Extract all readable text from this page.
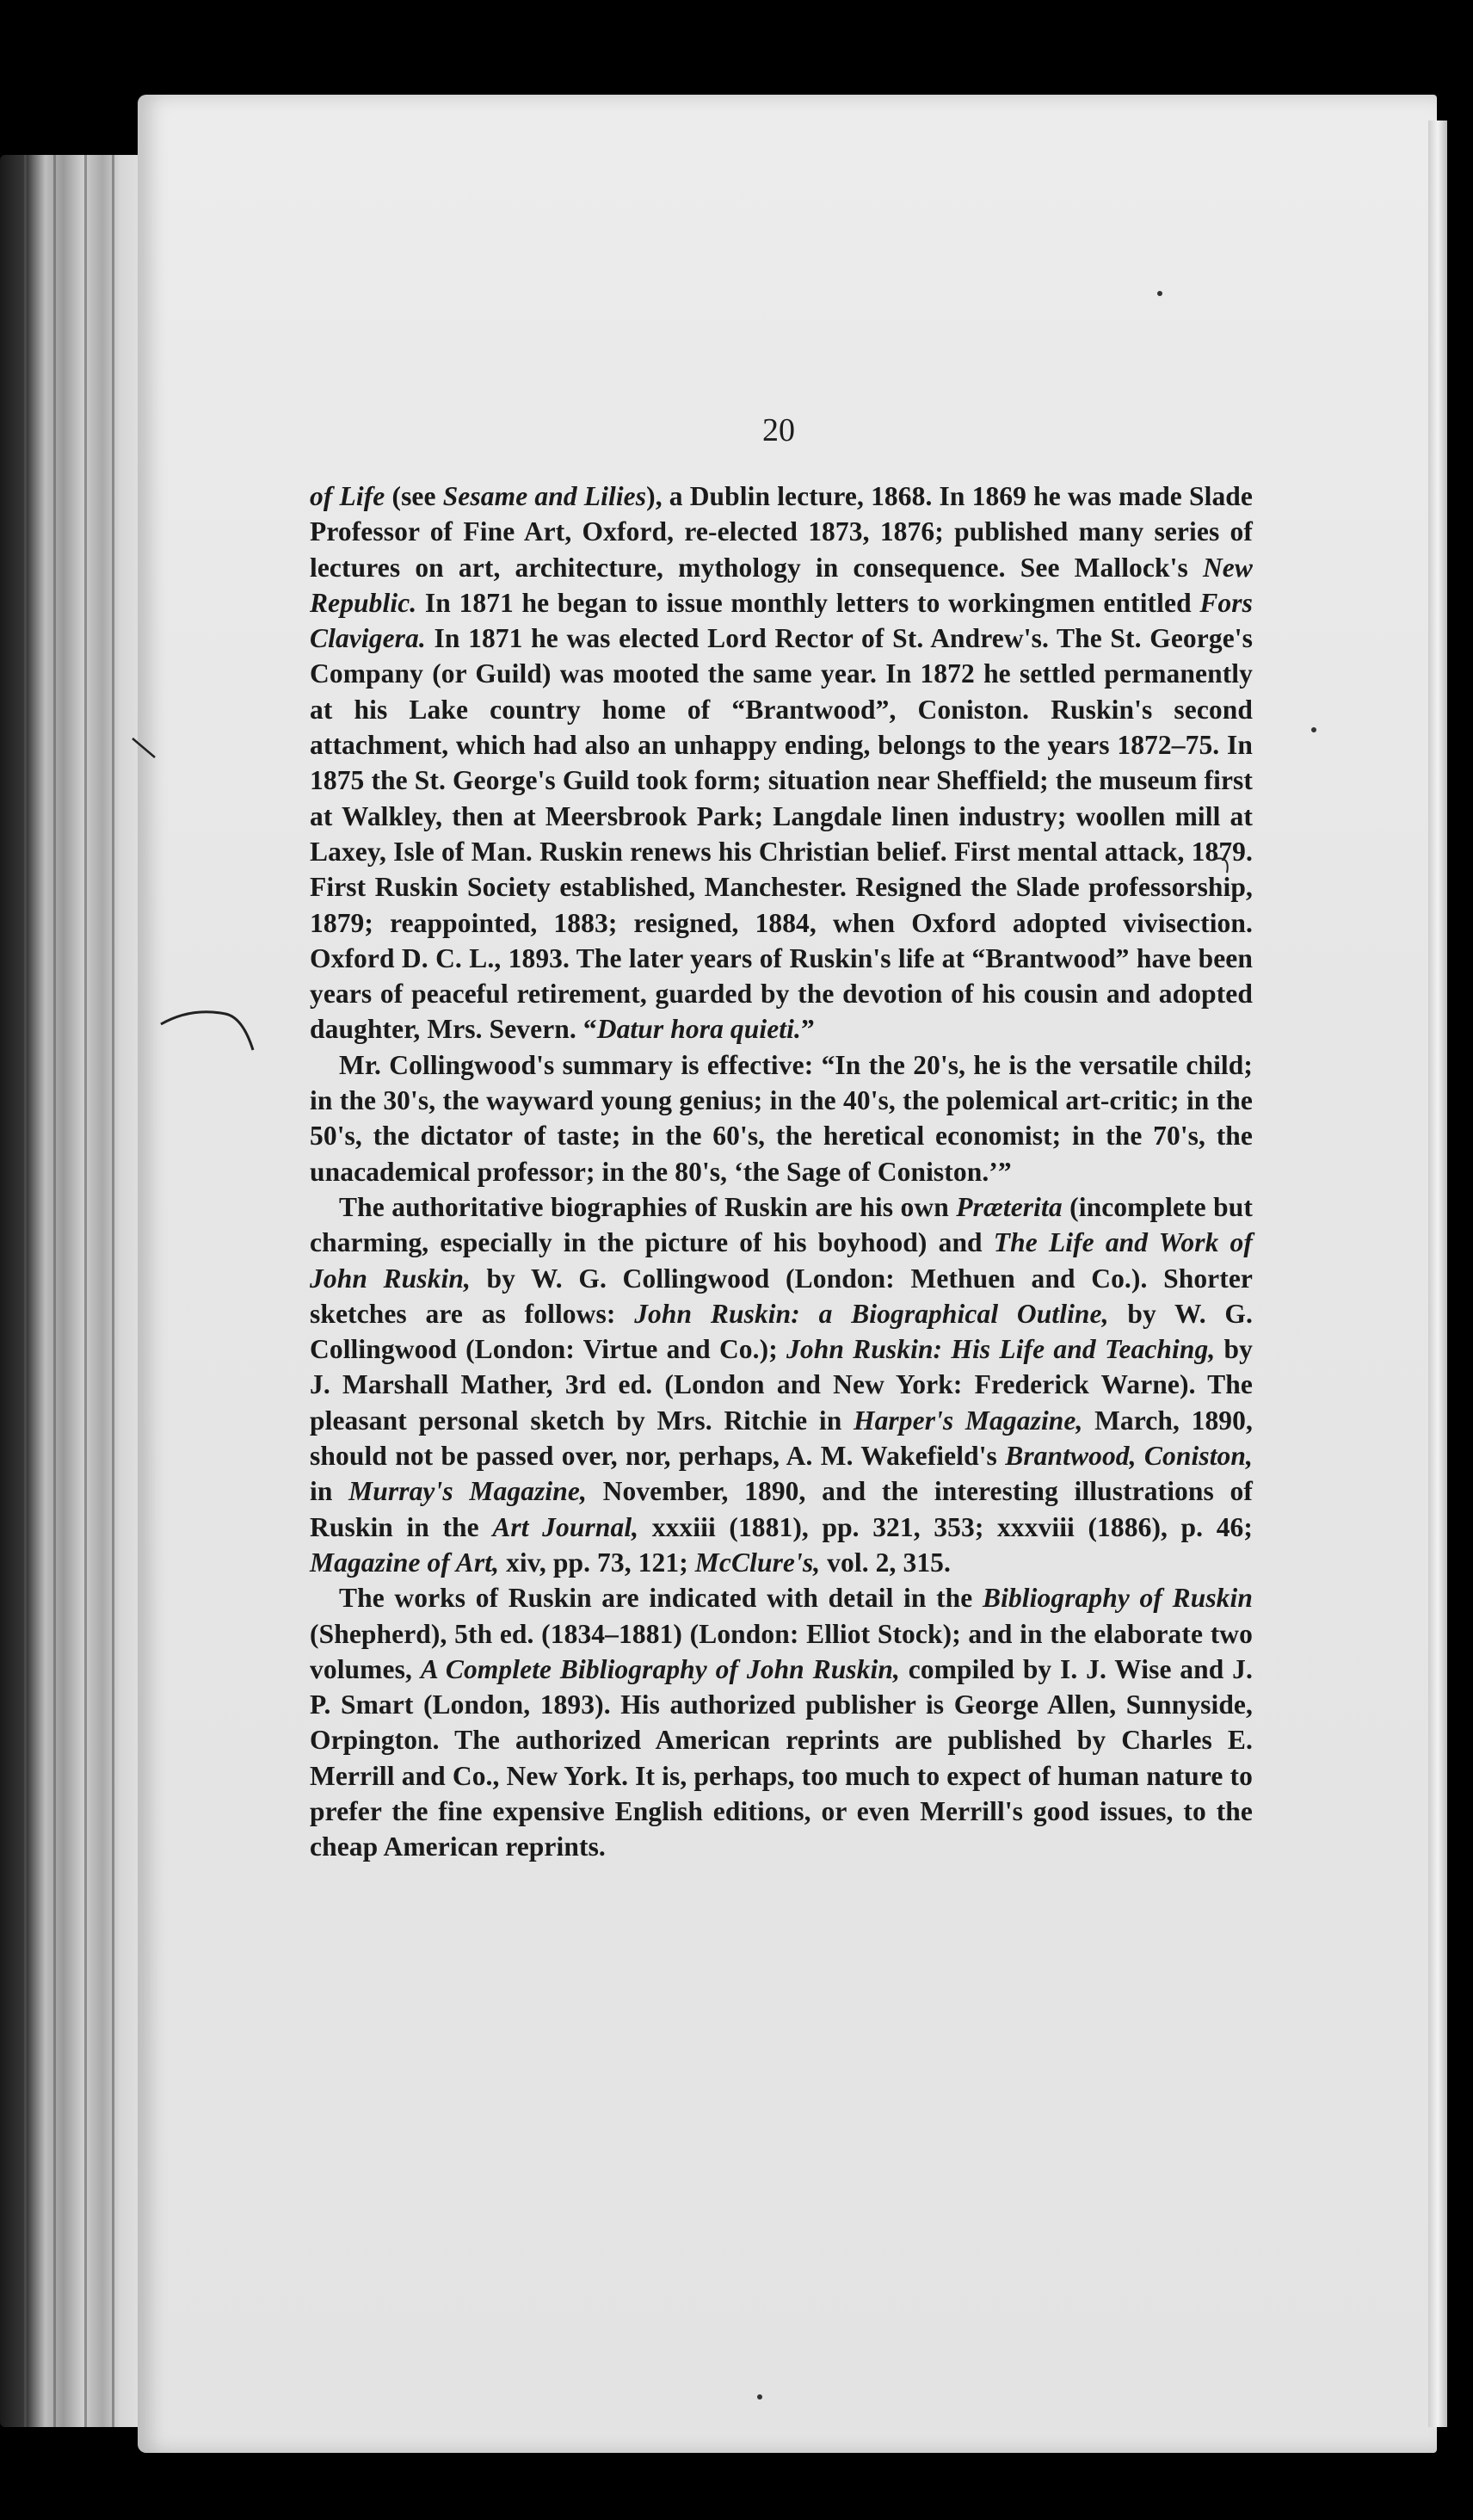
20

of Life (see Sesame and Lilies), a Dublin lecture, 1868. In 1869 he was made Slade Professor of Fine Art, Oxford, re-elected 1873, 1876; published many series of lectures on art, architecture, mythology in consequence. See Mallock's New Republic. In 1871 he began to issue monthly letters to workingmen entitled Fors Clavigera. In 1871 he was elected Lord Rector of St. Andrew's. The St. George's Company (or Guild) was mooted the same year. In 1872 he settled permanently at his Lake country home of “Brantwood”, Coniston. Ruskin's second attachment, which had also an unhappy ending, belongs to the years 1872–75. In 1875 the St. George's Guild took form; situation near Sheffield; the museum first at Walkley, then at Meersbrook Park; Langdale linen industry; woollen mill at Laxey, Isle of Man. Ruskin renews his Christian belief. First mental attack, 1879. First Ruskin Society established, Manchester. Resigned the Slade professorship, 1879; reappointed, 1883; resigned, 1884, when Oxford adopted vivisection. Oxford D. C. L., 1893. The later years of Ruskin's life at “Brantwood” have been years of peaceful retirement, guarded by the devotion of his cousin and adopted daughter, Mrs. Severn. “Datur hora quieti.”

Mr. Collingwood's summary is effective: “In the 20's, he is the versatile child; in the 30's, the wayward young genius; in the 40's, the polemical art-critic; in the 50's, the dictator of taste; in the 60's, the heretical economist; in the 70's, the unacademical professor; in the 80's, ‘the Sage of Coniston.’”

The authoritative biographies of Ruskin are his own Præterita (incomplete but charming, especially in the picture of his boyhood) and The Life and Work of John Ruskin, by W. G. Collingwood (London: Methuen and Co.). Shorter sketches are as follows: John Ruskin: a Biographical Outline, by W. G. Collingwood (London: Virtue and Co.); John Ruskin: His Life and Teaching, by J. Marshall Mather, 3rd ed. (London and New York: Frederick Warne). The pleasant personal sketch by Mrs. Ritchie in Harper's Magazine, March, 1890, should not be passed over, nor, perhaps, A. M. Wakefield's Brantwood, Coniston, in Murray's Magazine, November, 1890, and the interesting illustrations of Ruskin in the Art Journal, xxxiii (1881), pp. 321, 353; xxxviii (1886), p. 46; Magazine of Art, xiv, pp. 73, 121; McClure's, vol. 2, 315.

The works of Ruskin are indicated with detail in the Bibliography of Ruskin (Shepherd), 5th ed. (1834–1881) (London: Elliot Stock); and in the elaborate two volumes, A Complete Bibliography of John Ruskin, compiled by I. J. Wise and J. P. Smart (London, 1893). His authorized publisher is George Allen, Sunnyside, Orpington. The authorized American reprints are published by Charles E. Merrill and Co., New York. It is, perhaps, too much to expect of human nature to prefer the fine expensive English editions, or even Merrill's good issues, to the cheap American reprints.
